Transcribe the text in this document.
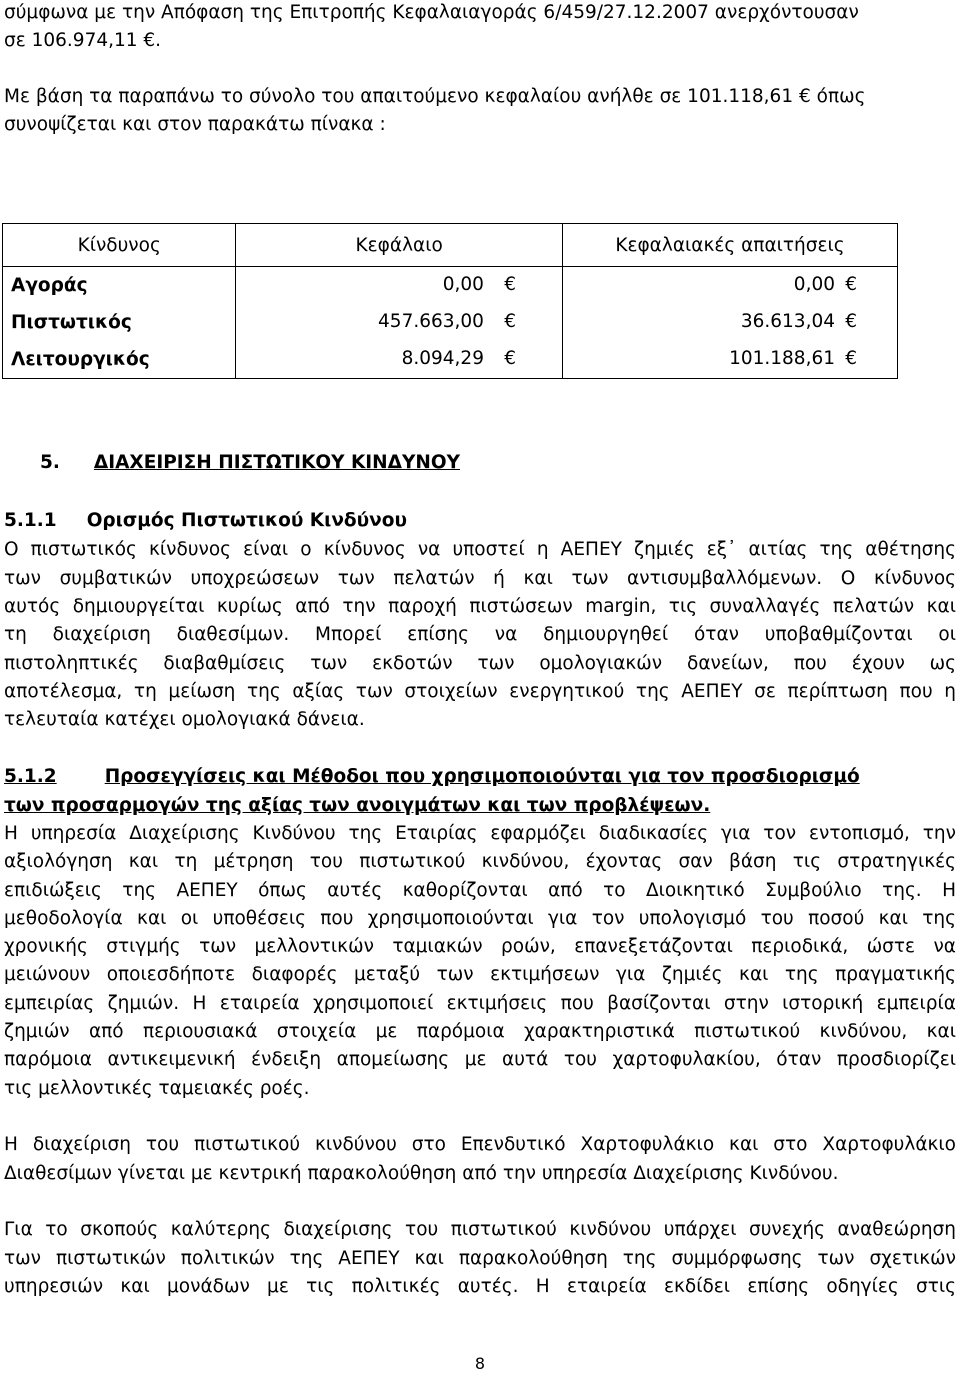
σύμφωνα με την Απόφαση της Επιτροπής Κεφαλαιαγοράς 6/459/27.12.2007 ανερχόντουσαν
σε 106.974,11 €.
Με βάση τα παραπάνω το σύνολο του απαιτούμενο κεφαλαίου ανήλθε σε 101.118,61 € όπως
συνοψίζεται και στον παρακάτω πίνακα :
Κίνδυνος	Κεφάλαιο	Κεφαλαιακές απαιτήσεις
Αγοράς	0,00 €	0,00 €

Πιστωτικός	457.663,00 €	36.613,04 €

Λειτουργικός	8.094,29 €	101.188,61 €
5. ΔΙΑΧΕΙΡΙΣΗ ΠΙΣΤΩΤΙΚΟΥ ΚΙΝΔΥΝΟΥ
5.1.1 Ορισμός Πιστωτικού Κινδύνου
Ο πιστωτικός κίνδυνος είναι ο κίνδυνος να υποστεί η ΑΕΠΕΥ ζημιές εξ᾽ αιτίας της αθέτησης
των συμβατικών υποχρεώσεων των πελατών ή και των αντισυμβαλλόμενων. Ο κίνδυνος
αυτός δημιουργείται κυρίως από την παροχή πιστώσεων margin, τις συναλλαγές πελατών και
τη διαχείριση διαθεσίμων. Μπορεί επίσης να δημιουργηθεί όταν υποβαθμίζονται οι
πιστοληπτικές διαβαθμίσεις των εκδοτών των ομολογιακών δανείων, που έχουν ως
αποτέλεσμα, τη μείωση της αξίας των στοιχείων ενεργητικού της ΑΕΠΕΥ σε περίπτωση που η
τελευταία κατέχει ομολογιακά δάνεια.
5.1.2	Προσεγγίσεις και Μέθοδοι που χρησιμοποιούνται για τον προσδιορισμό
των προσαρμογών της αξίας των ανοιγμάτων και των προβλέψεων.
Η υπηρεσία Διαχείρισης Κινδύνου της Εταιρίας εφαρμόζει διαδικασίες για τον εντοπισμό, την
αξιολόγηση και τη μέτρηση του πιστωτικού κινδύνου, έχοντας σαν βάση τις στρατηγικές
επιδιώξεις της ΑΕΠΕΥ όπως αυτές καθορίζονται από το Διοικητικό Συμβούλιο της. Η
μεθοδολογία και οι υποθέσεις που χρησιμοποιούνται για τον υπολογισμό του ποσού και της
χρονικής στιγμής των μελλοντικών ταμιακών ροών, επανεξετάζονται περιοδικά, ώστε να
μειώνουν οποιεσδήποτε διαφορές μεταξύ των εκτιμήσεων για ζημιές και της πραγματικής
εμπειρίας ζημιών. Η εταιρεία χρησιμοποιεί εκτιμήσεις που βασίζονται στην ιστορική εμπειρία
ζημιών από περιουσιακά στοιχεία με παρόμοια χαρακτηριστικά πιστωτικού κινδύνου, και
παρόμοια αντικειμενική ένδειξη απομείωσης με αυτά του χαρτοφυλακίου, όταν προσδιορίζει
τις μελλοντικές ταμειακές ροές.
Η διαχείριση του πιστωτικού κινδύνου στο Επενδυτικό Χαρτοφυλάκιο και στο Χαρτοφυλάκιο
Διαθεσίμων γίνεται με κεντρική παρακολούθηση από την υπηρεσία Διαχείρισης Κινδύνου.
Για το σκοπούς καλύτερης διαχείρισης του πιστωτικού κινδύνου υπάρχει συνεχής αναθεώρηση
των πιστωτικών πολιτικών της ΑΕΠΕΥ και παρακολούθηση της συμμόρφωσης των σχετικών
υπηρεσιών και μονάδων με τις πολιτικές αυτές. Η εταιρεία εκδίδει επίσης οδηγίες στις
8
